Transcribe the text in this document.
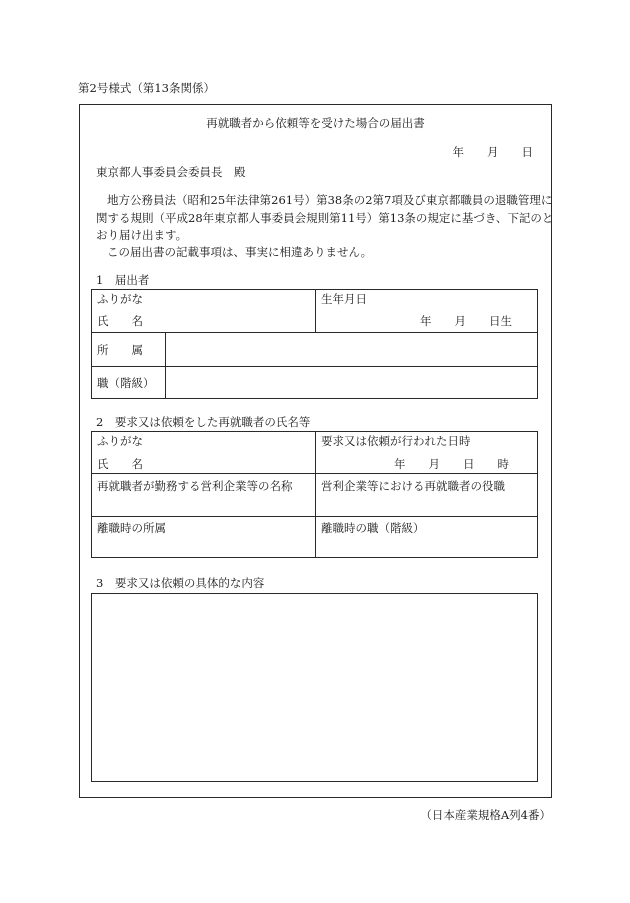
第2号様式（第13条関係）
再就職者から依頼等を受けた場合の届出書
年　　月　　日
東京都人事委員会委員長　殿
地方公務員法（昭和25年法律第261号）第38条の2第7項及び東京都職員の退職管理に
関する規則（平成28年東京都人事委員会規則第11号）第13条の規定に基づき、下記のと
おり届け出ます。
この届出書の記載事項は、事実に相違ありません。
1　届出者
ふりがな
氏　　名
生年月日
年　　月　　日生
所　　属
職（階級）
2　要求又は依頼をした再就職者の氏名等
ふりがな
氏　　名
要求又は依頼が行われた日時
年　　月　　日　　時
再就職者が勤務する営利企業等の名称 営利企業等における再就職者の役職
離職時の所属	離職時の職（階級）
3　要求又は依頼の具体的な内容
（日本産業規格A列4番）
